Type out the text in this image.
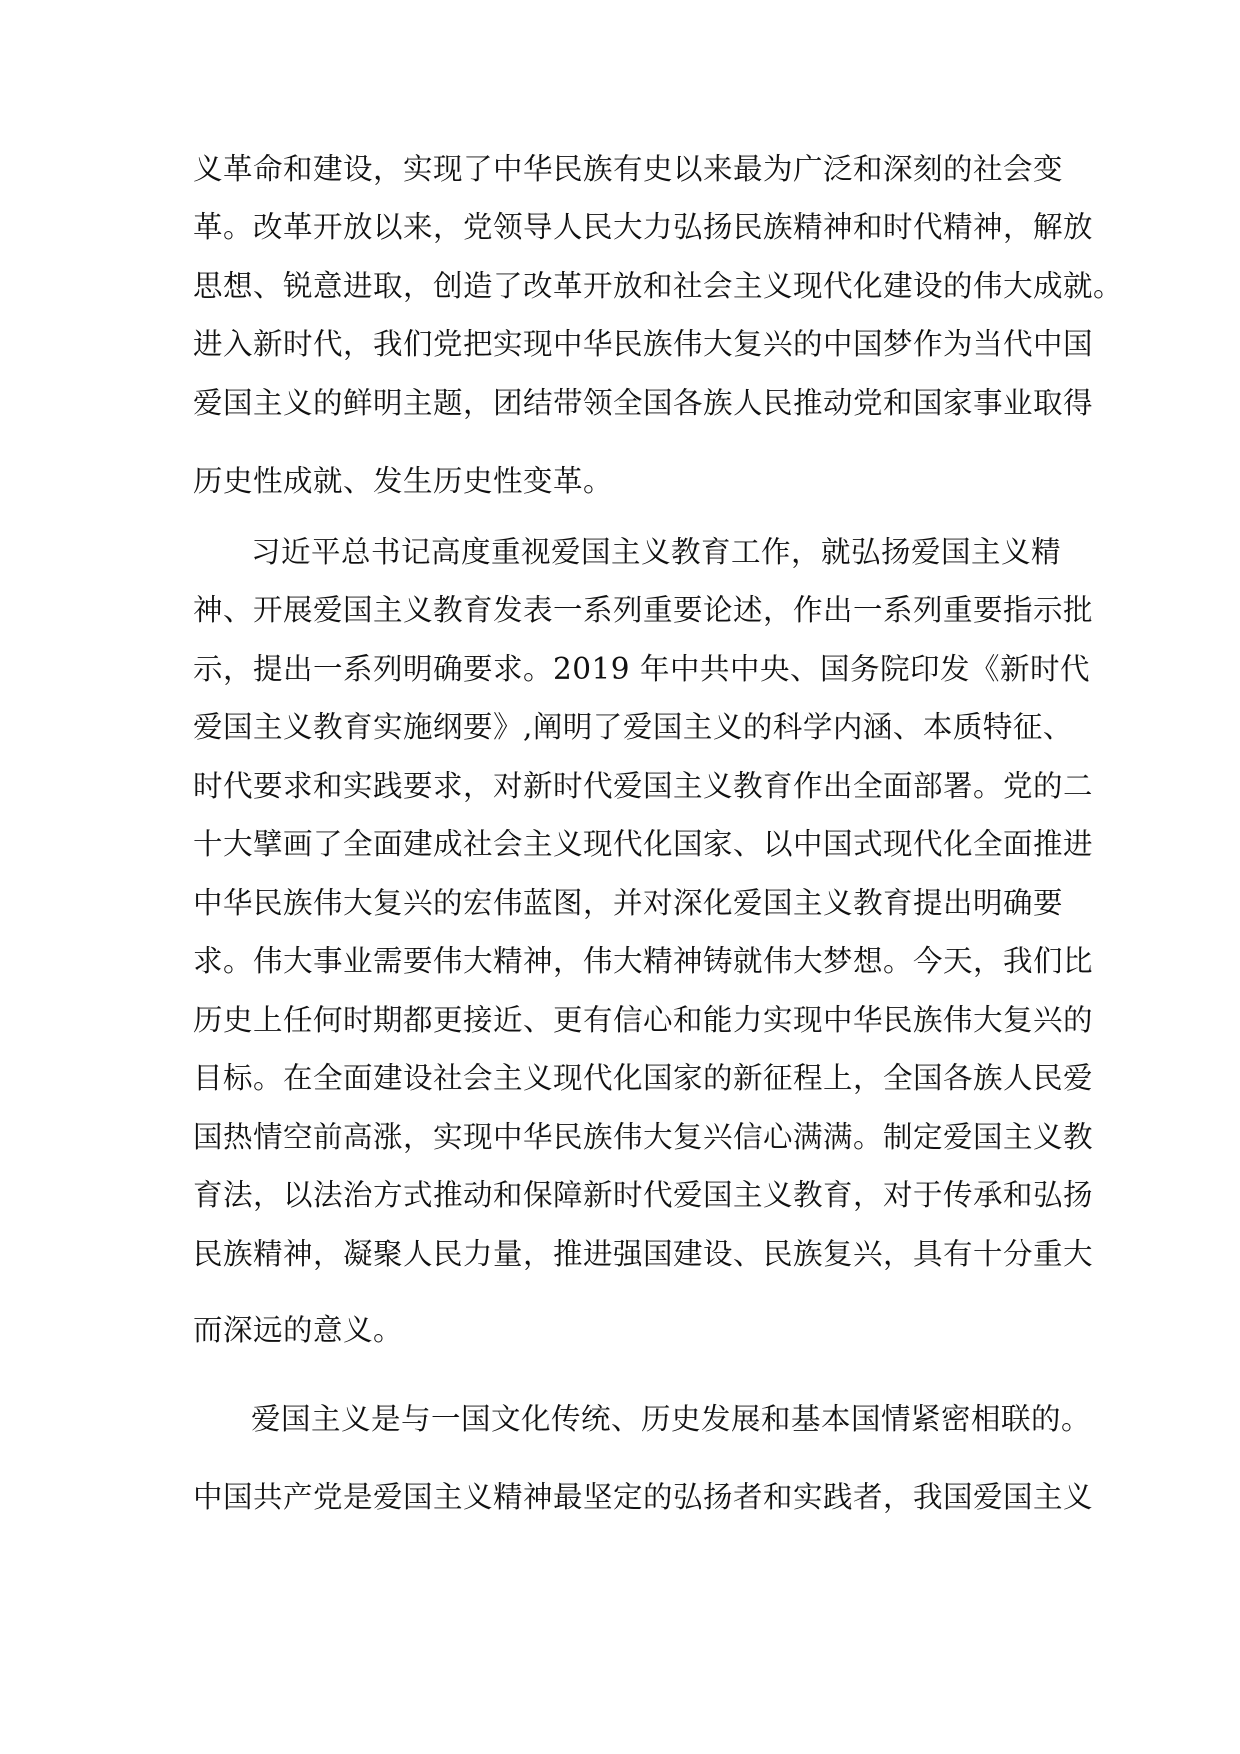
义革命和建设，实现了中华民族有史以来最为广泛和深刻的社会变
革。改革开放以来，党领导人民大力弘扬民族精神和时代精神，解放
思想、锐意进取，创造了改革开放和社会主义现代化建设的伟大成就。
进入新时代，我们党把实现中华民族伟大复兴的中国梦作为当代中国
爱国主义的鲜明主题，团结带领全国各族人民推动党和国家事业取得
历史性成就、发生历史性变革。
习近平总书记高度重视爱国主义教育工作，就弘扬爱国主义精
神、开展爱国主义教育发表一系列重要论述，作出一系列重要指示批
示，提出一系列明确要求。2019 年中共中央、国务院印发《新时代
爱国主义教育实施纲要》,阐明了爱国主义的科学内涵、本质特征、
时代要求和实践要求，对新时代爱国主义教育作出全面部署。党的二
十大擘画了全面建成社会主义现代化国家、以中国式现代化全面推进
中华民族伟大复兴的宏伟蓝图，并对深化爱国主义教育提出明确要
求。伟大事业需要伟大精神，伟大精神铸就伟大梦想。今天，我们比
历史上任何时期都更接近、更有信心和能力实现中华民族伟大复兴的
目标。在全面建设社会主义现代化国家的新征程上，全国各族人民爱
国热情空前高涨，实现中华民族伟大复兴信心满满。制定爱国主义教
育法，以法治方式推动和保障新时代爱国主义教育，对于传承和弘扬
民族精神，凝聚人民力量，推进强国建设、民族复兴，具有十分重大
而深远的意义。
爱国主义是与一国文化传统、历史发展和基本国情紧密相联的。
中国共产党是爱国主义精神最坚定的弘扬者和实践者，我国爱国主义
